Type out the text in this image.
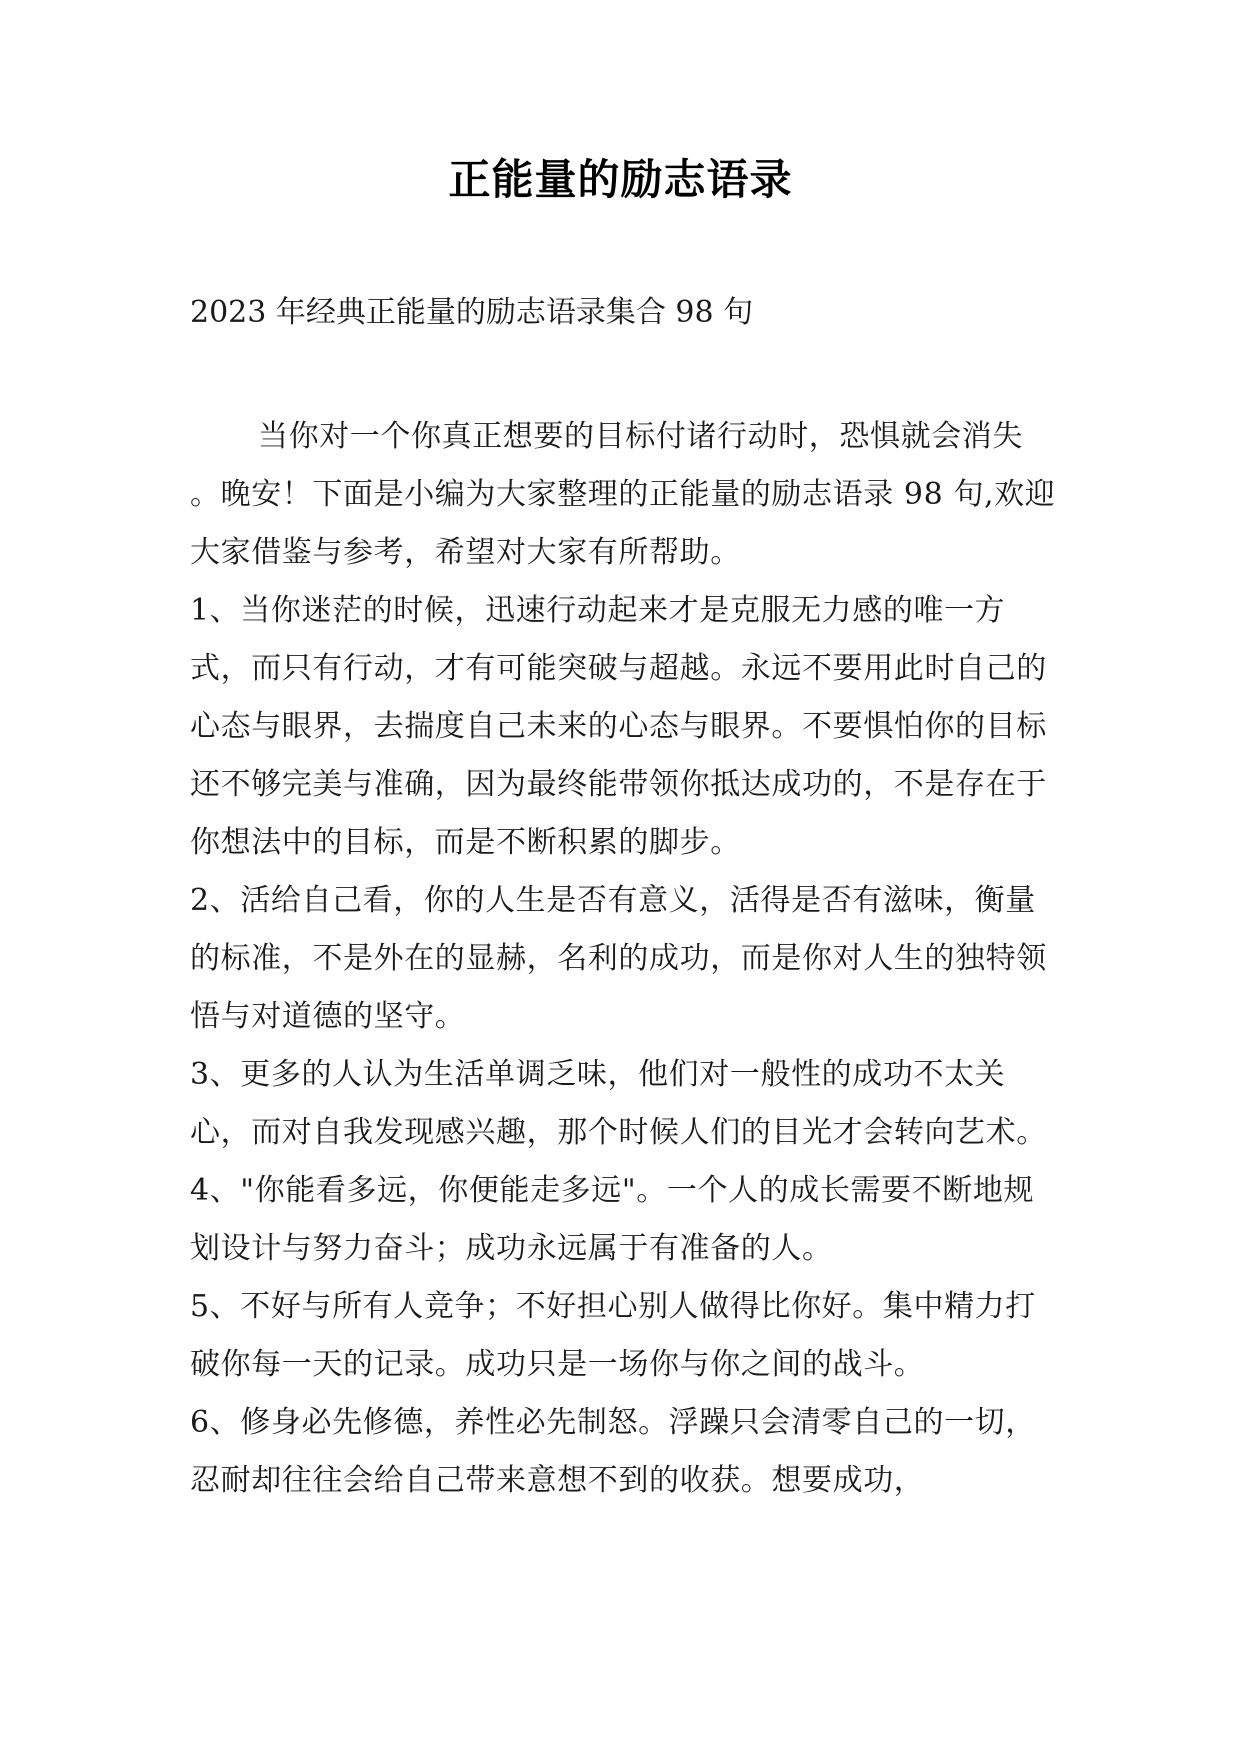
正能量的励志语录
2023 年经典正能量的励志语录集合 98 句

当你对一个你真正想要的目标付诸行动时，恐惧就会消失 。晚安！下面是小编为大家整理的正能量的励志语录 98 句,欢迎大家借鉴与参考，希望对大家有所帮助。

1、当你迷茫的时候，迅速行动起来才是克服无力感的唯一方式，而只有行动，才有可能突破与超越。永远不要用此时自己的心态与眼界，去揣度自己未来的心态与眼界。不要惧怕你的目标还不够完美与准确，因为最终能带领你抵达成功的，不是存在于你想法中的目标，而是不断积累的脚步。

2、活给自己看，你的人生是否有意义，活得是否有滋味，衡量的标准，不是外在的显赫，名利的成功，而是你对人生的独特领悟与对道德的坚守。

3、更多的人认为生活单调乏味，他们对一般性的成功不太关心，而对自我发现感兴趣，那个时候人们的目光才会转向艺术。

4、"你能看多远，你便能走多远"。一个人的成长需要不断地规划设计与努力奋斗；成功永远属于有准备的人。

5、不好与所有人竞争；不好担心别人做得比你好。集中精力打破你每一天的记录。成功只是一场你与你之间的战斗。

6、修身必先修德，养性必先制怒。浮躁只会清零自己的一切，忍耐却往往会给自己带来意想不到的收获。想要成功，
